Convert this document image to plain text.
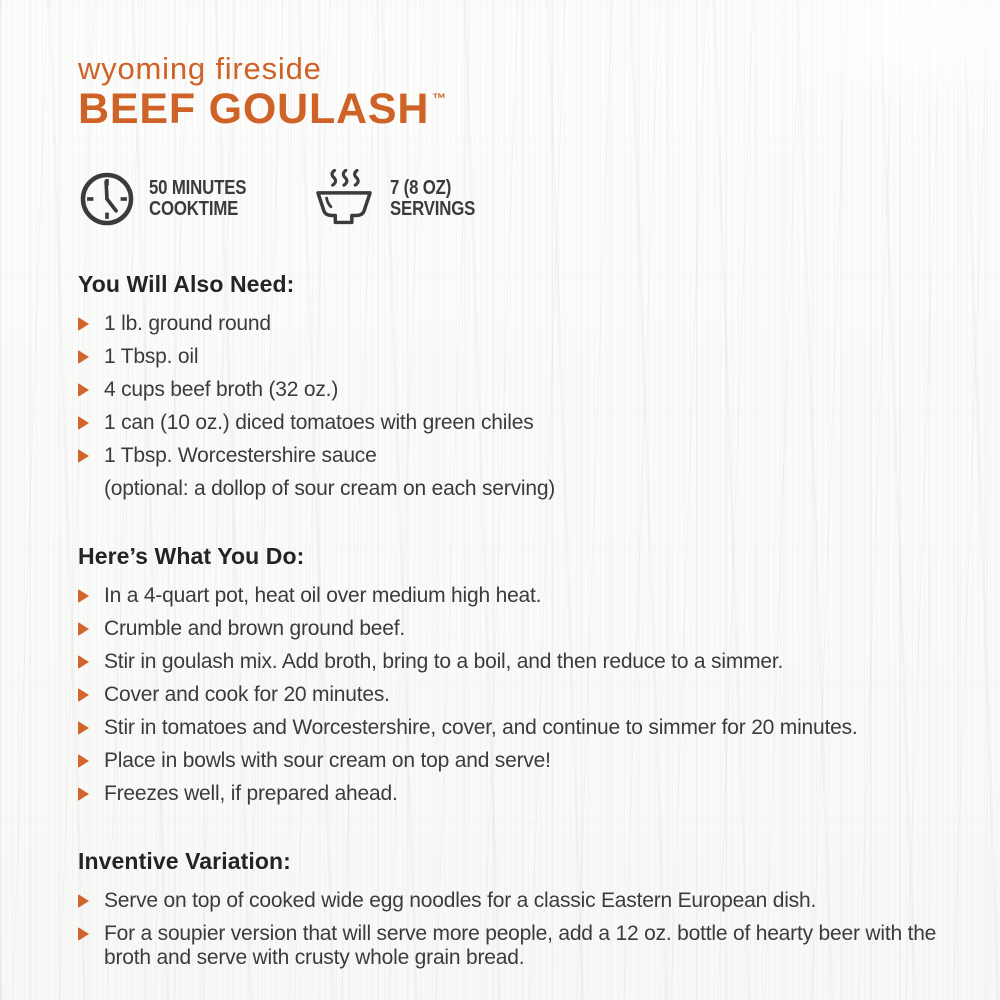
wyoming fireside
BEEF GOULASH ™
50 MINUTES
COOKTIME
7 (8 OZ)
SERVINGS
You Will Also Need:
1 lb. ground round
1 Tbsp. oil
4 cups beef broth (32 oz.)
1 can (10 oz.) diced tomatoes with green chiles
1 Tbsp. Worcestershire sauce
(optional: a dollop of sour cream on each serving)
Here’s What You Do:
In a 4-quart pot, heat oil over medium high heat.
Crumble and brown ground beef.
Stir in goulash mix. Add broth, bring to a boil, and then reduce to a simmer.
Cover and cook for 20 minutes.
Stir in tomatoes and Worcestershire, cover, and continue to simmer for 20 minutes.
Place in bowls with sour cream on top and serve!
Freezes well, if prepared ahead.
Inventive Variation:
Serve on top of cooked wide egg noodles for a classic Eastern European dish.
For a soupier version that will serve more people, add a 12 oz. bottle of hearty beer with the broth and serve with crusty whole grain bread.
